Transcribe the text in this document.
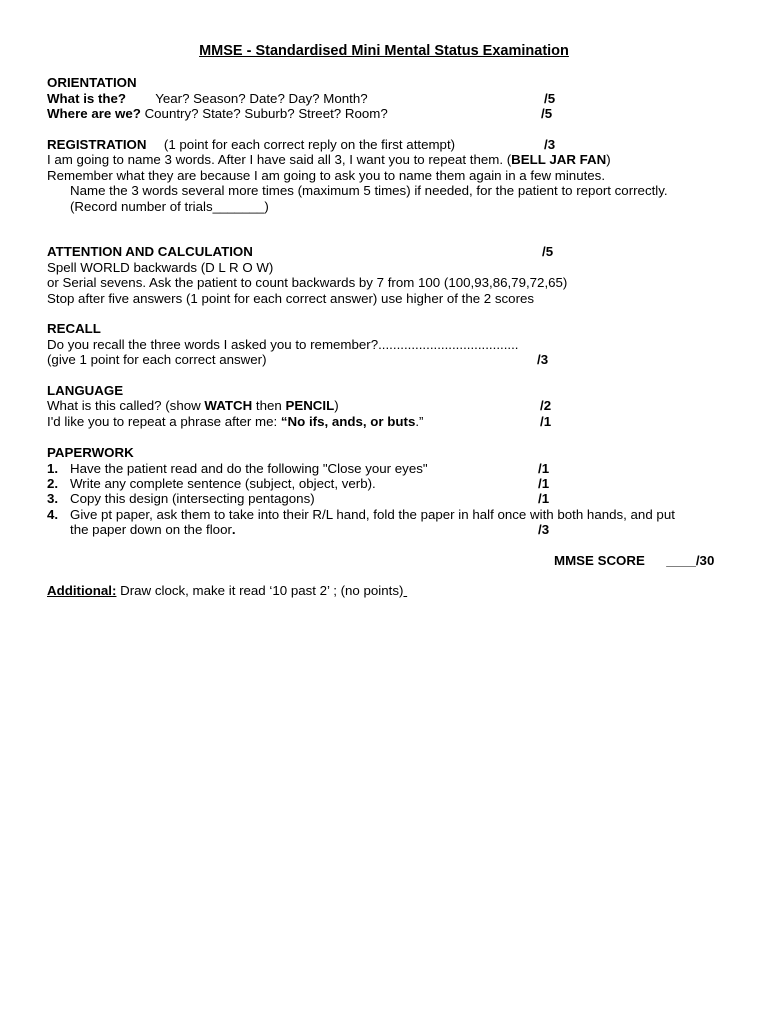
MMSE - Standardised Mini Mental Status Examination
ORIENTATION
What is the? Year? Season? Date? Day? Month?	/5
Where are we? Country? State? Suburb? Street? Room?	/5
REGISTRATION (1 point for each correct reply on the first attempt)	/3
I am going to name 3 words. After I have said all 3, I want you to repeat them. (BELL JAR FAN)
Remember what they are because I am going to ask you to name them again in a few minutes.
Name the 3 words several more times (maximum 5 times) if needed, for the patient to report correctly.
(Record number of trials_______)
ATTENTION AND CALCULATION	/5
Spell WORLD backwards (D L R O W)
or Serial sevens. Ask the patient to count backwards by 7 from 100 (100,93,86,79,72,65)
Stop after five answers (1 point for each correct answer) use higher of the 2 scores
RECALL
Do you recall the three words I asked you to remember?......................................
(give 1 point for each correct answer)	/3
LANGUAGE
What is this called? (show WATCH then PENCIL)	/2
I'd like you to repeat a phrase after me: “No ifs, ands, or buts.”	/1
PAPERWORK
1. Have the patient read and do the following "Close your eyes"	/1
2. Write any complete sentence (subject, object, verb).	/1
3. Copy this design (intersecting pentagons)	/1
4. Give pt paper, ask them to take into their R/L hand, fold the paper in half once with both hands, and put
the paper down on the floor.	/3
MMSE SCORE ____/30
Additional: Draw clock, make it read ‘10 past 2’ ; (no points)
